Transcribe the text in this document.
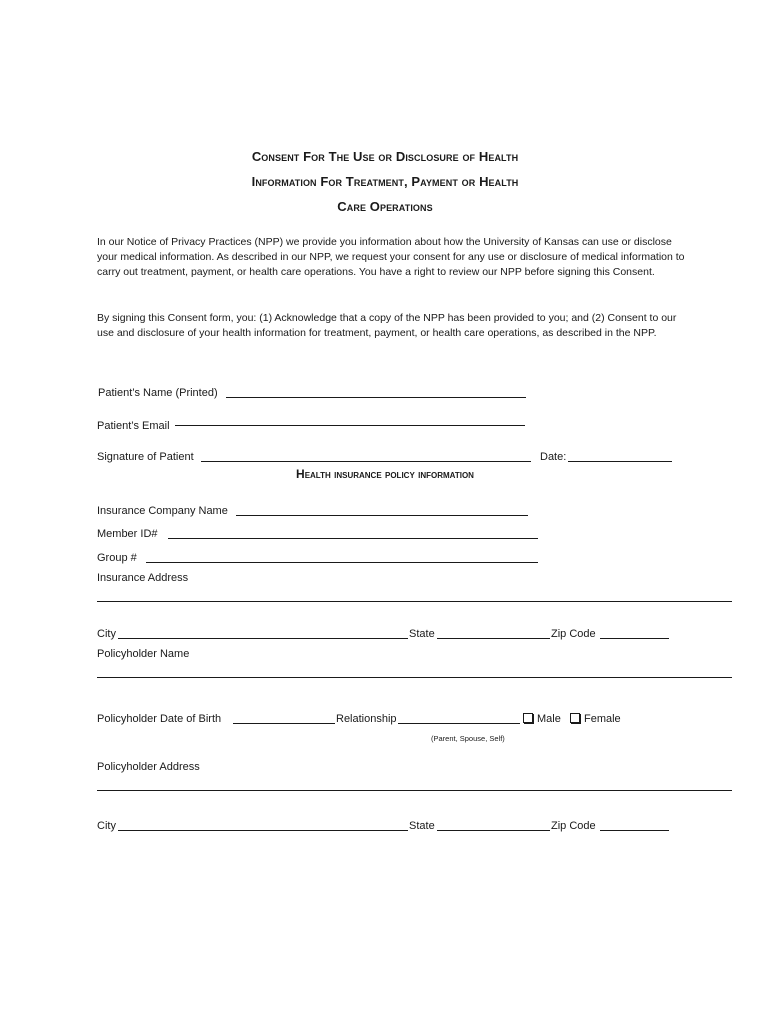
Consent For The Use or Disclosure of Health
Information For Treatment, Payment or Health
Care Operations

In our Notice of Privacy Practices (NPP) we provide you information about how the University of Kansas can use or disclose your medical information. As described in our NPP, we request your consent for any use or disclosure of medical information to carry out treatment, payment, or health care operations. You have a right to review our NPP before signing this Consent.

By signing this Consent form, you: (1) Acknowledge that a copy of the NPP has been provided to you; and (2) Consent to our use and disclosure of your health information for treatment, payment, or health care operations, as described in the NPP.

Patient’s Name (Printed)
Patient’s Email
Signature of Patient	Date:
Health insurance policy information
Insurance Company Name
Member ID#
Group #
Insurance Address
City	State	Zip Code
Policyholder Name
Policyholder Date of Birth	Relationship	Male	Female
(Parent, Spouse, Self)
Policyholder Address
City	State	Zip Code
